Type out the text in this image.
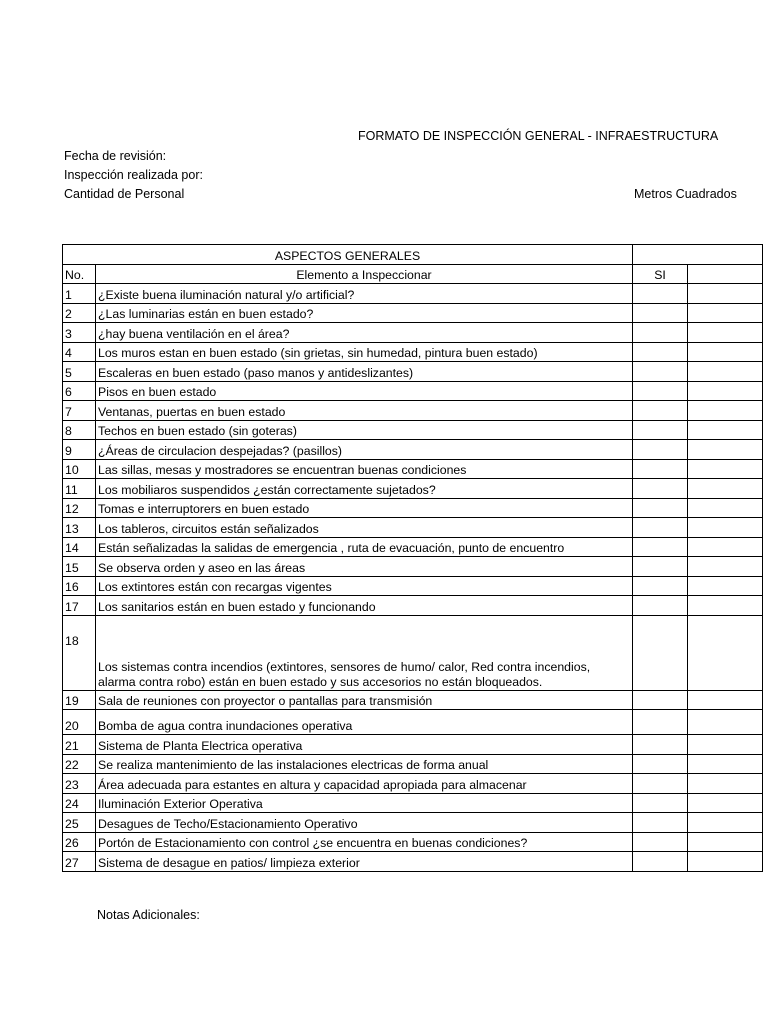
FORMATO DE INSPECCIÓN GENERAL - INFRAESTRUCTURA
Fecha de revisión:
Inspección realizada por:
Cantidad de Personal	Metros Cuadrados
ASPECTOS GENERALES			
No.	Elemento a Inspeccionar	SI	
1	¿Existe buena iluminación natural y/o artificial?		
2	¿Las luminarias están en buen estado?		
3	¿hay buena ventilación en el área?		
4	Los muros estan en buen estado (sin grietas, sin humedad, pintura buen estado)		
5	Escaleras en buen estado (paso manos y antideslizantes)		
6	Pisos en buen estado		
7	Ventanas, puertas en buen estado		
8	Techos en buen estado (sin goteras)		
9	¿Áreas de circulacion despejadas? (pasillos)		
10	Las sillas, mesas y mostradores se encuentran buenas condiciones		
11	Los mobiliaros suspendidos ¿están correctamente sujetados?		
12	Tomas e interruptorers en buen estado		
13	Los tableros, circuitos están señalizados		
14	Están señalizadas la salidas de emergencia , ruta de evacuación, punto de encuentro		
15	Se observa orden y aseo en las áreas		
16	Los extintores están con recargas vigentes		
17	Los sanitarios están en buen estado y funcionando		
18	Los sistemas contra incendios (extintores, sensores de humo/ calor, Red contra incendios, alarma contra robo) están en buen estado y sus accesorios no están bloqueados.		
19	Sala de reuniones con proyector o pantallas para transmisión		
20	Bomba de agua contra inundaciones operativa		
21	Sistema de Planta Electrica operativa		
22	Se realiza mantenimiento de las instalaciones electricas de forma anual		
23	Área adecuada para estantes en altura y capacidad apropiada para almacenar		
24	Iluminación Exterior Operativa		
25	Desagues de Techo/Estacionamiento Operativo		
26	Portón de Estacionamiento con control ¿se encuentra en buenas condiciones?		
27	Sistema de desague en patios/ limpieza exterior		
Notas Adicionales:
